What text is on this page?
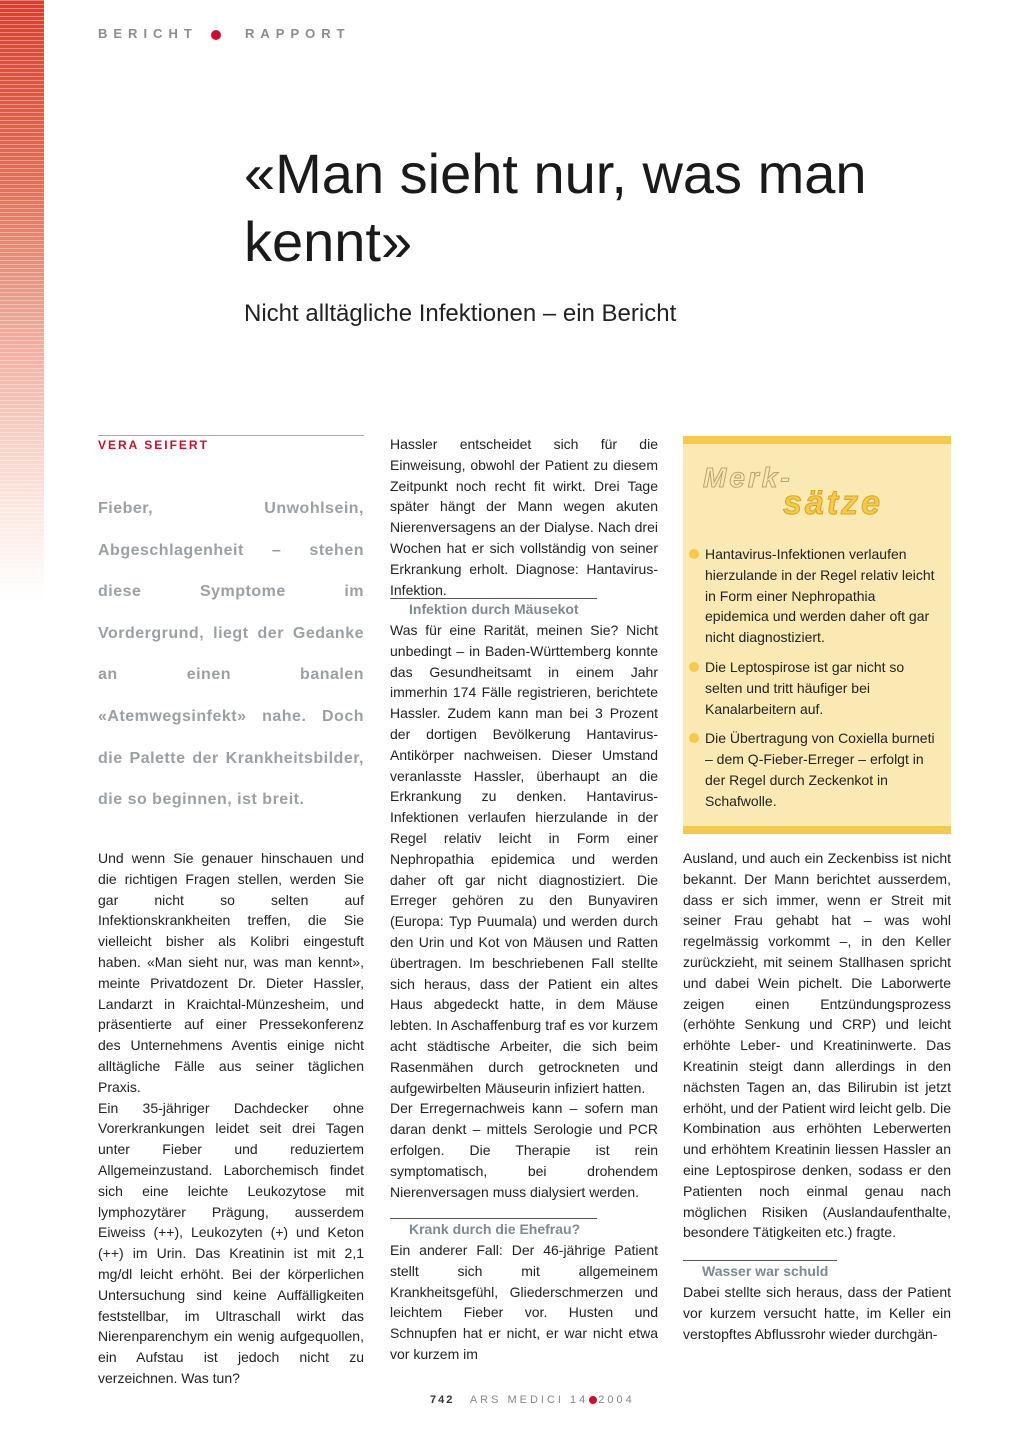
BERICHT	RAPPORT
«Man sieht nur, was man kennt»
Nicht alltägliche Infektionen – ein Bericht
VERA SEIFERT

Fieber, Unwohlsein, Abgeschlagenheit – stehen diese Symptome im Vordergrund, liegt der Gedanke an einen banalen «Atemwegsinfekt» nahe. Doch die Palette der Krankheitsbilder, die so beginnen, ist breit.

Und wenn Sie genauer hinschauen und die richtigen Fragen stellen, werden Sie gar nicht so selten auf Infektionskrankheiten treffen, die Sie vielleicht bisher als Kolibri eingestuft haben. «Man sieht nur, was man kennt», meinte Privatdozent Dr. Dieter Hassler, Landarzt in Kraichtal-Münzesheim, und präsentierte auf einer Pressekonferenz des Unternehmens Aventis einige nicht alltägliche Fälle aus seiner täglichen Praxis.

Ein 35-jähriger Dachdecker ohne Vorerkrankungen leidet seit drei Tagen unter Fieber und reduziertem Allgemeinzustand. Laborchemisch findet sich eine leichte Leukozytose mit lymphozytärer Prägung, ausserdem Eiweiss (++), Leukozyten (+) und Keton (++) im Urin. Das Kreatinin ist mit 2,1 mg/dl leicht erhöht. Bei der körperlichen Untersuchung sind keine Auffälligkeiten feststellbar, im Ultraschall wirkt das Nierenparenchym ein wenig aufgequollen, ein Aufstau ist jedoch nicht zu verzeichnen. Was tun?

Hassler entscheidet sich für die Einweisung, obwohl der Patient zu diesem Zeitpunkt noch recht fit wirkt. Drei Tage später hängt der Mann wegen akuten Nierenversagens an der Dialyse. Nach drei Wochen hat er sich vollständig von seiner Erkrankung erholt. Diagnose: Hantavirus-Infektion.

Infektion durch Mäusekot

Was für eine Rarität, meinen Sie? Nicht unbedingt – in Baden-Württemberg konnte das Gesundheitsamt in einem Jahr immerhin 174 Fälle registrieren, berichtete Hassler. Zudem kann man bei 3 Prozent der dortigen Bevölkerung Hantavirus-Antikörper nachweisen. Dieser Umstand veranlasste Hassler, überhaupt an die Erkrankung zu denken. Hantavirus-Infektionen verlaufen hierzulande in der Regel relativ leicht in Form einer Nephropathia epidemica und werden daher oft gar nicht diagnostiziert. Die Erreger gehören zu den Bunyaviren (Europa: Typ Puumala) und werden durch den Urin und Kot von Mäusen und Ratten übertragen. Im beschriebenen Fall stellte sich heraus, dass der Patient ein altes Haus abgedeckt hatte, in dem Mäuse lebten. In Aschaffenburg traf es vor kurzem acht städtische Arbeiter, die sich beim Rasenmähen durch getrockneten und aufgewirbelten Mäuseurin infiziert hatten.

Der Erregernachweis kann – sofern man daran denkt – mittels Serologie und PCR erfolgen. Die Therapie ist rein symptomatisch, bei drohendem Nierenversagen muss dialysiert werden.

Krank durch die Ehefrau?

Ein anderer Fall: Der 46-jährige Patient stellt sich mit allgemeinem Krankheitsgefühl, Gliederschmerzen und leichtem Fieber vor. Husten und Schnupfen hat er nicht, er war nicht etwa vor kurzem im

Merk-
sätze
Hantavirus-Infektionen verlaufen hierzulande in der Regel relativ leicht in Form einer Nephropathia epidemica und werden daher oft gar nicht diagnostiziert.
Die Leptospirose ist gar nicht so selten und tritt häufiger bei Kanalarbeitern auf.
Die Übertragung von Coxiella burneti – dem Q-Fieber-Erreger – erfolgt in der Regel durch Zeckenkot in Schafwolle.

Ausland, und auch ein Zeckenbiss ist nicht bekannt. Der Mann berichtet ausserdem, dass er sich immer, wenn er Streit mit seiner Frau gehabt hat – was wohl regelmässig vorkommt –, in den Keller zurückzieht, mit seinem Stallhasen spricht und dabei Wein pichelt. Die Laborwerte zeigen einen Entzündungsprozess (erhöhte Senkung und CRP) und leicht erhöhte Leber- und Kreatininwerte. Das Kreatinin steigt dann allerdings in den nächsten Tagen an, das Bilirubin ist jetzt erhöht, und der Patient wird leicht gelb. Die Kombination aus erhöhten Leberwerten und erhöhtem Kreatinin liessen Hassler an eine Leptospirose denken, sodass er den Patienten noch einmal genau nach möglichen Risiken (Auslandaufenthalte, besondere Tätigkeiten etc.) fragte.

Wasser war schuld

Dabei stellte sich heraus, dass der Patient vor kurzem versucht hatte, im Keller ein verstopftes Abflussrohr wieder durchgän-

742 ARS MEDICI 14 2004
